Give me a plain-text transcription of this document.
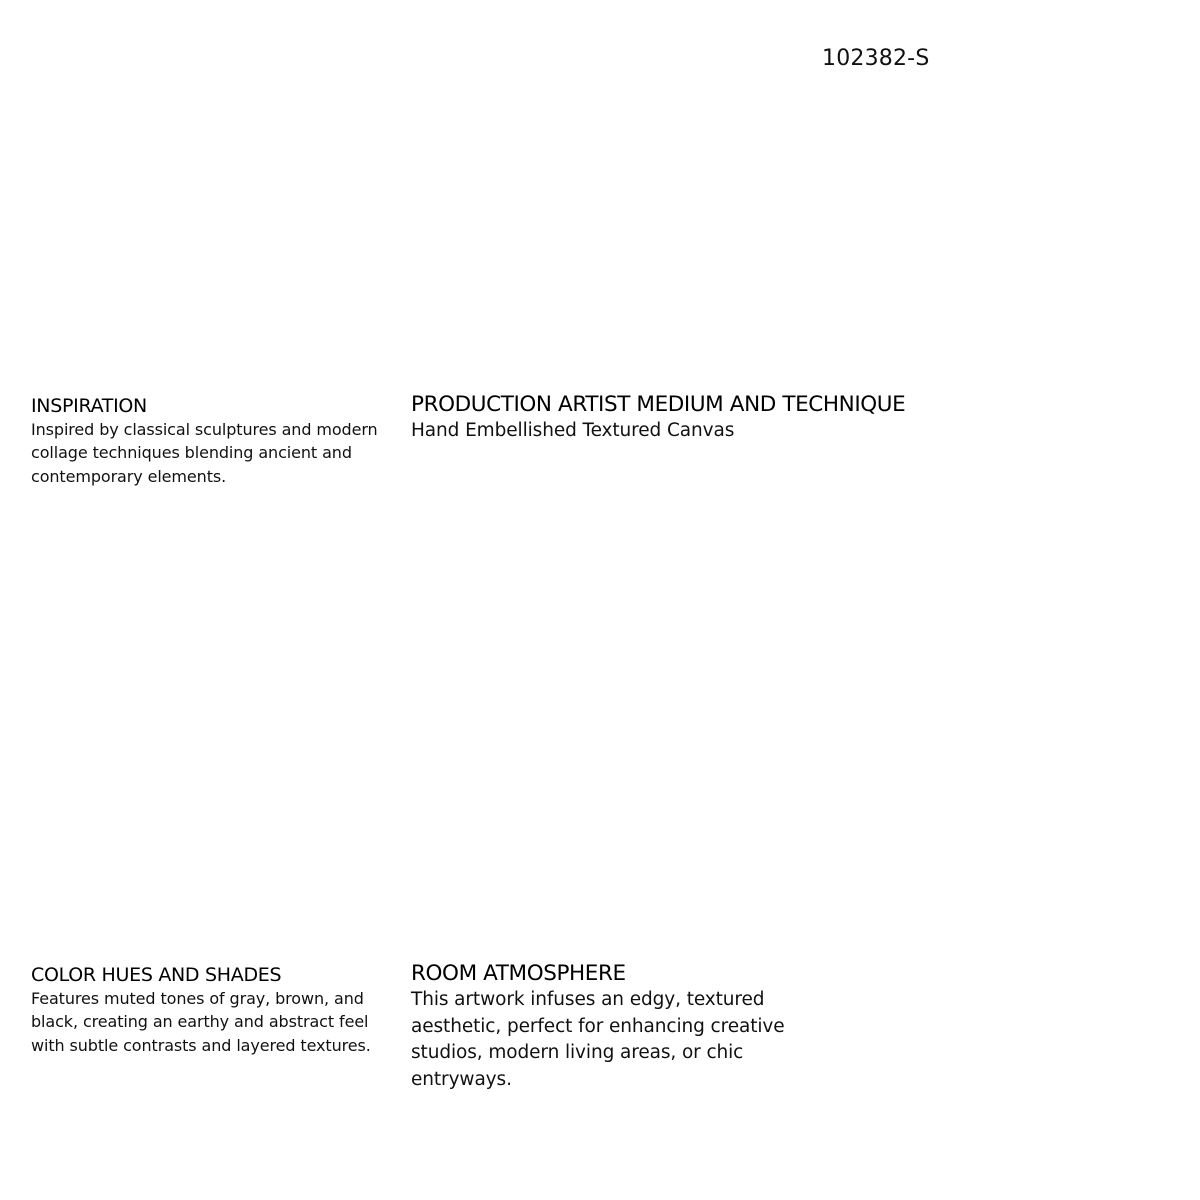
102382-S
INSPIRATION

Inspired by classical sculptures and modern collage techniques blending ancient and contemporary elements.

PRODUCTION ARTIST MEDIUM AND TECHNIQUE

Hand Embellished Textured Canvas

COLOR HUES AND SHADES

Features muted tones of gray, brown, and black, creating an earthy and abstract feel with subtle contrasts and layered textures.

ROOM ATMOSPHERE

This artwork infuses an edgy, textured aesthetic, perfect for enhancing creative studios, modern living areas, or chic entryways.
